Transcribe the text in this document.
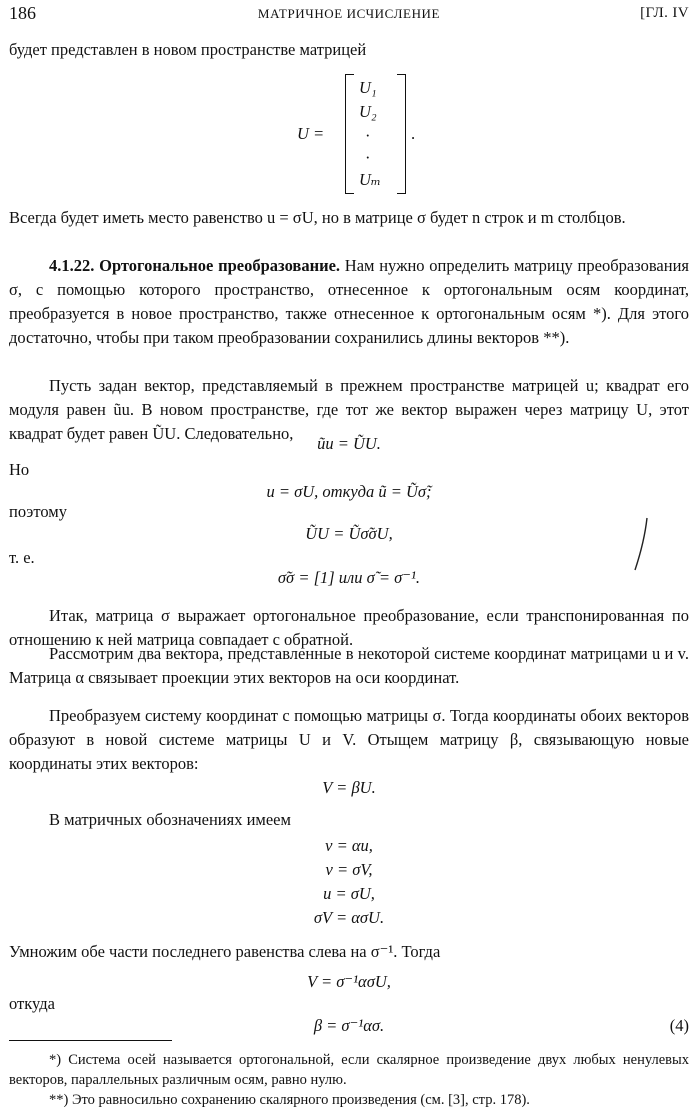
186	МАТРИЧНОЕ ИСЧИСЛЕНИЕ	[ГЛ. IV

будет представлен в новом пространстве матрицей

U =
U₁
U₂
·
·
Uₘ
.

Всегда будет иметь место равенство u = σU, но в матрице σ будет n строк и m столбцов.

4.1.22. Ортогональное преобразование. Нам нужно определить матрицу преобразования σ, с помощью которого пространство, отнесенное к ортогональным осям координат, преобразуется в новое пространство, также отнесенное к ортогональным осям *). Для этого достаточно, чтобы при таком преобразовании сохранились длины векторов **).

Пусть задан вектор, представляемый в прежнем пространстве матрицей u; квадрат его модуля равен ũu. В новом пространстве, где тот же вектор выражен через матрицу U, этот квадрат будет равен ŨU. Следовательно,

ũu = ŨU.
Но
u = σU, откуда ũ = Ũσ̃;
поэтому
ŨU = Ũσ̃σU,
т. е.
σ̃σ = [1] или σ̃ = σ⁻¹.

Итак, матрица σ выражает ортогональное преобразование, если транспонированная по отношению к ней матрица совпадает с обратной.

Рассмотрим два вектора, представленные в некоторой системе координат матрицами u и v. Матрица α связывает проекции этих векторов на оси координат.

Преобразуем систему координат с помощью матрицы σ. Тогда координаты обоих векторов образуют в новой системе матрицы U и V. Отыщем матрицу β, связывающую новые координаты этих векторов:

V = βU.

В матричных обозначениях имеем

v = αu,
v = σV,
u = σU,
σV = ασU.

Умножим обе части последнего равенства слева на σ⁻¹. Тогда

V = σ⁻¹ασU,
откуда
β = σ⁻¹ασ.	(4)

*) Система осей называется ортогональной, если скалярное произведение двух любых ненулевых векторов, параллельных различным осям, равно нулю.

**) Это равносильно сохранению скалярного произведения (см. [3], стр. 178).
